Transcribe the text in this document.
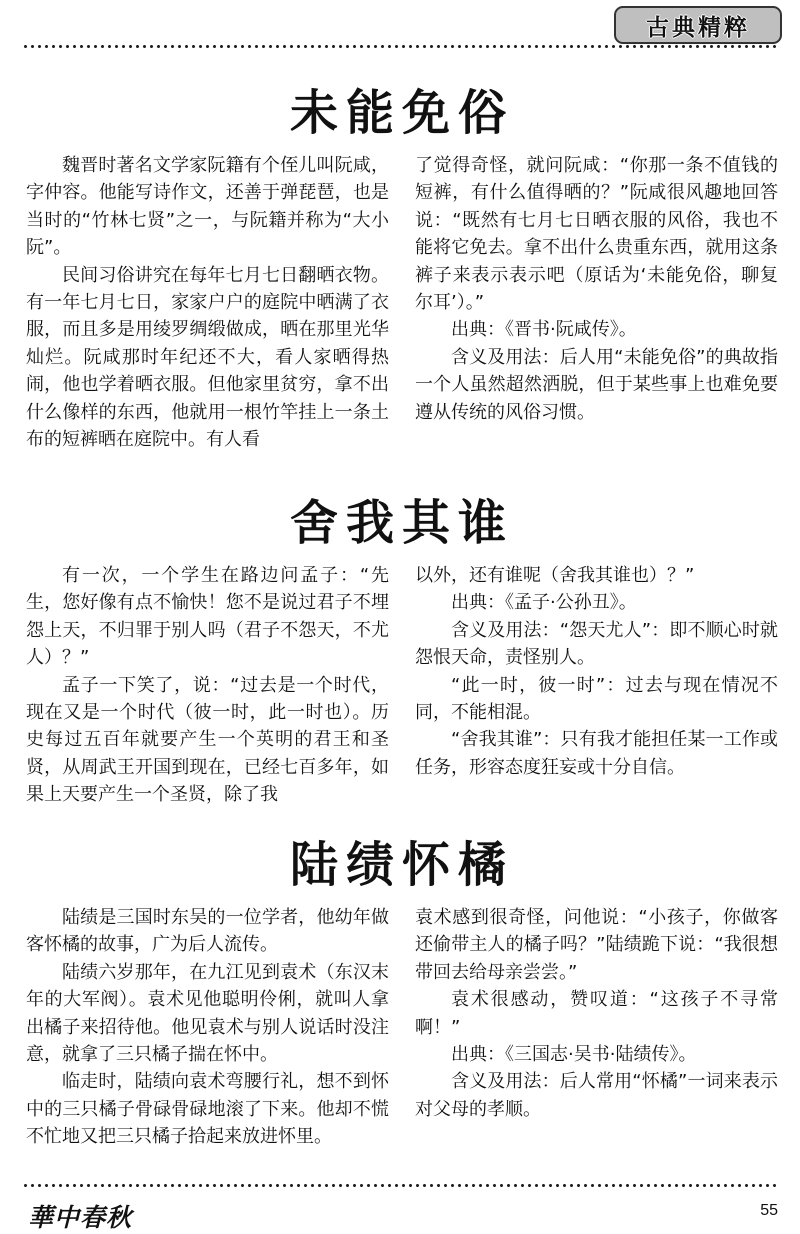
古典精粹
未能免俗

魏晋时著名文学家阮籍有个侄儿叫阮咸，字仲容。他能写诗作文，还善于弹琵琶，也是当时的“竹林七贤”之一，与阮籍并称为“大小阮”。

民间习俗讲究在每年七月七日翻晒衣物。有一年七月七日，家家户户的庭院中晒满了衣服，而且多是用绫罗绸缎做成，晒在那里光华灿烂。阮咸那时年纪还不大，看人家晒得热闹，他也学着晒衣服。但他家里贫穷，拿不出什么像样的东西，他就用一根竹竿挂上一条土布的短裤晒在庭院中。有人看

了觉得奇怪，就问阮咸：“你那一条不值钱的短裤，有什么值得晒的？”阮咸很风趣地回答说：“既然有七月七日晒衣服的风俗，我也不能将它免去。拿不出什么贵重东西，就用这条裤子来表示表示吧（原话为‘未能免俗，聊复尔耳’）。”

出典：《晋书·阮咸传》。

含义及用法：后人用“未能免俗”的典故指一个人虽然超然洒脱，但于某些事上也难免要遵从传统的风俗习惯。

舍我其谁

有一次，一个学生在路边问孟子：“先生，您好像有点不愉快！您不是说过君子不埋怨上天，不归罪于别人吗（君子不怨天，不尤人）？”

孟子一下笑了，说：“过去是一个时代，现在又是一个时代（彼一时，此一时也）。历史每过五百年就要产生一个英明的君王和圣贤，从周武王开国到现在，已经七百多年，如果上天要产生一个圣贤，除了我

以外，还有谁呢（舍我其谁也）？”

出典：《孟子·公孙丑》。

含义及用法：“怨天尤人”：即不顺心时就怨恨天命，责怪别人。

“此一时，彼一时”：过去与现在情况不同，不能相混。

“舍我其谁”：只有我才能担任某一工作或任务，形容态度狂妄或十分自信。

陆绩怀橘

陆绩是三国时东吴的一位学者，他幼年做客怀橘的故事，广为后人流传。

陆绩六岁那年，在九江见到袁术（东汉末年的大军阀）。袁术见他聪明伶俐，就叫人拿出橘子来招待他。他见袁术与别人说话时没注意，就拿了三只橘子揣在怀中。

临走时，陆绩向袁术弯腰行礼，想不到怀中的三只橘子骨碌骨碌地滚了下来。他却不慌不忙地又把三只橘子拾起来放进怀里。

袁术感到很奇怪，问他说：“小孩子，你做客还偷带主人的橘子吗？”陆绩跪下说：“我很想带回去给母亲尝尝。”

袁术很感动，赞叹道：“这孩子不寻常啊！”

出典：《三国志·吴书·陆绩传》。

含义及用法：后人常用“怀橘”一词来表示对父母的孝顺。

華中春秋	55
